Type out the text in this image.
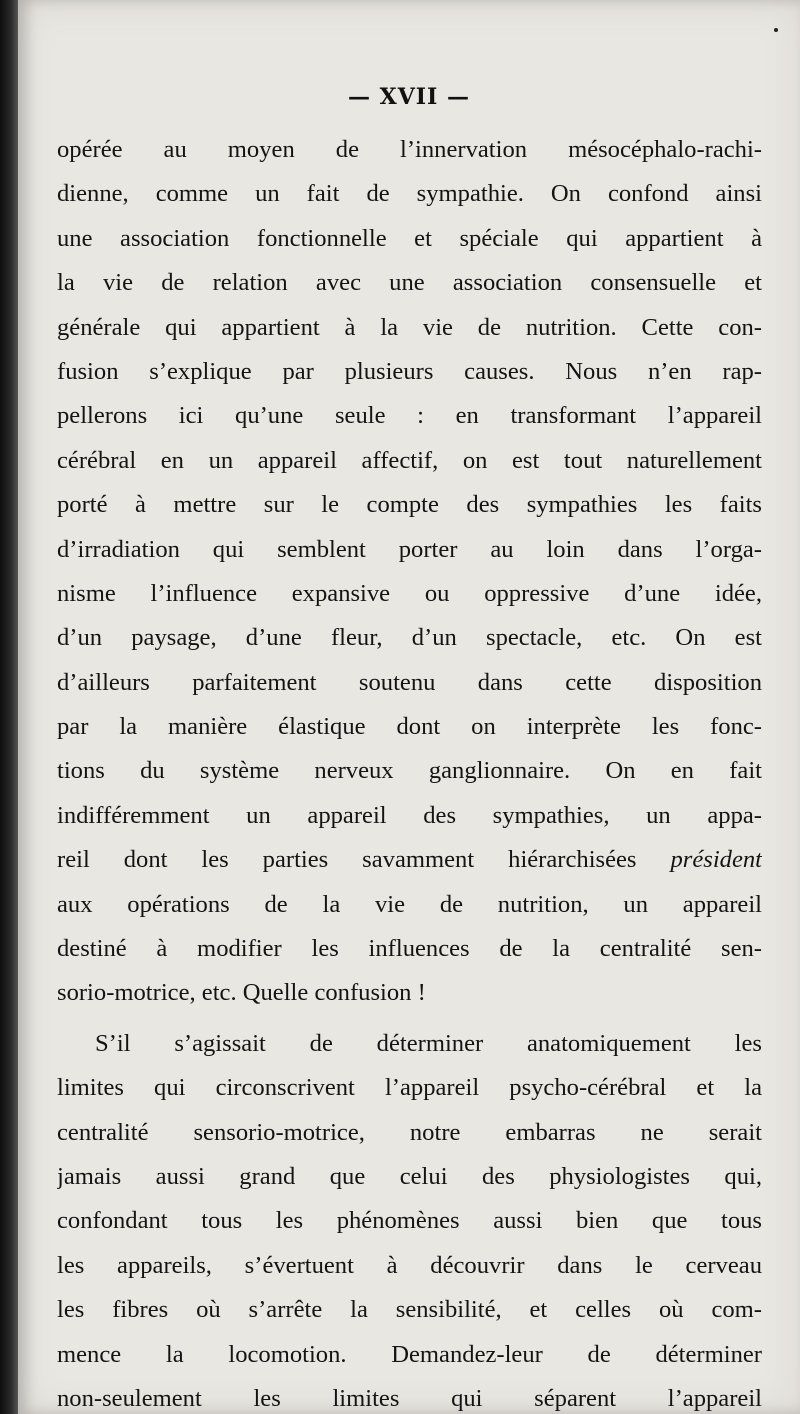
— XVII —
opérée au moyen de l’innervation mésocéphalo-rachi-
dienne, comme un fait de sympathie. On confond ainsi
une association fonctionnelle et spéciale qui appartient à
la vie de relation avec une association consensuelle et
générale qui appartient à la vie de nutrition. Cette con-
fusion s’explique par plusieurs causes. Nous n’en rap-
pellerons ici qu’une seule : en transformant l’appareil
cérébral en un appareil affectif, on est tout naturellement
porté à mettre sur le compte des sympathies les faits
d’irradiation qui semblent porter au loin dans l’orga-
nisme l’influence expansive ou oppressive d’une idée,
d’un paysage, d’une fleur, d’un spectacle, etc. On est
d’ailleurs parfaitement soutenu dans cette disposition
par la manière élastique dont on interprète les fonc-
tions du système nerveux ganglionnaire. On en fait
indifféremment un appareil des sympathies, un appa-
reil dont les parties savamment hiérarchisées président
aux opérations de la vie de nutrition, un appareil
destiné à modifier les influences de la centralité sen-
sorio-motrice, etc. Quelle confusion !
S’il s’agissait de déterminer anatomiquement les
limites qui circonscrivent l’appareil psycho-cérébral et la
centralité sensorio-motrice, notre embarras ne serait
jamais aussi grand que celui des physiologistes qui,
confondant tous les phénomènes aussi bien que tous
les appareils, s’évertuent à découvrir dans le cerveau
les fibres où s’arrête la sensibilité, et celles où com-
mence la locomotion. Demandez-leur de déterminer
non-seulement les limites qui séparent l’appareil
